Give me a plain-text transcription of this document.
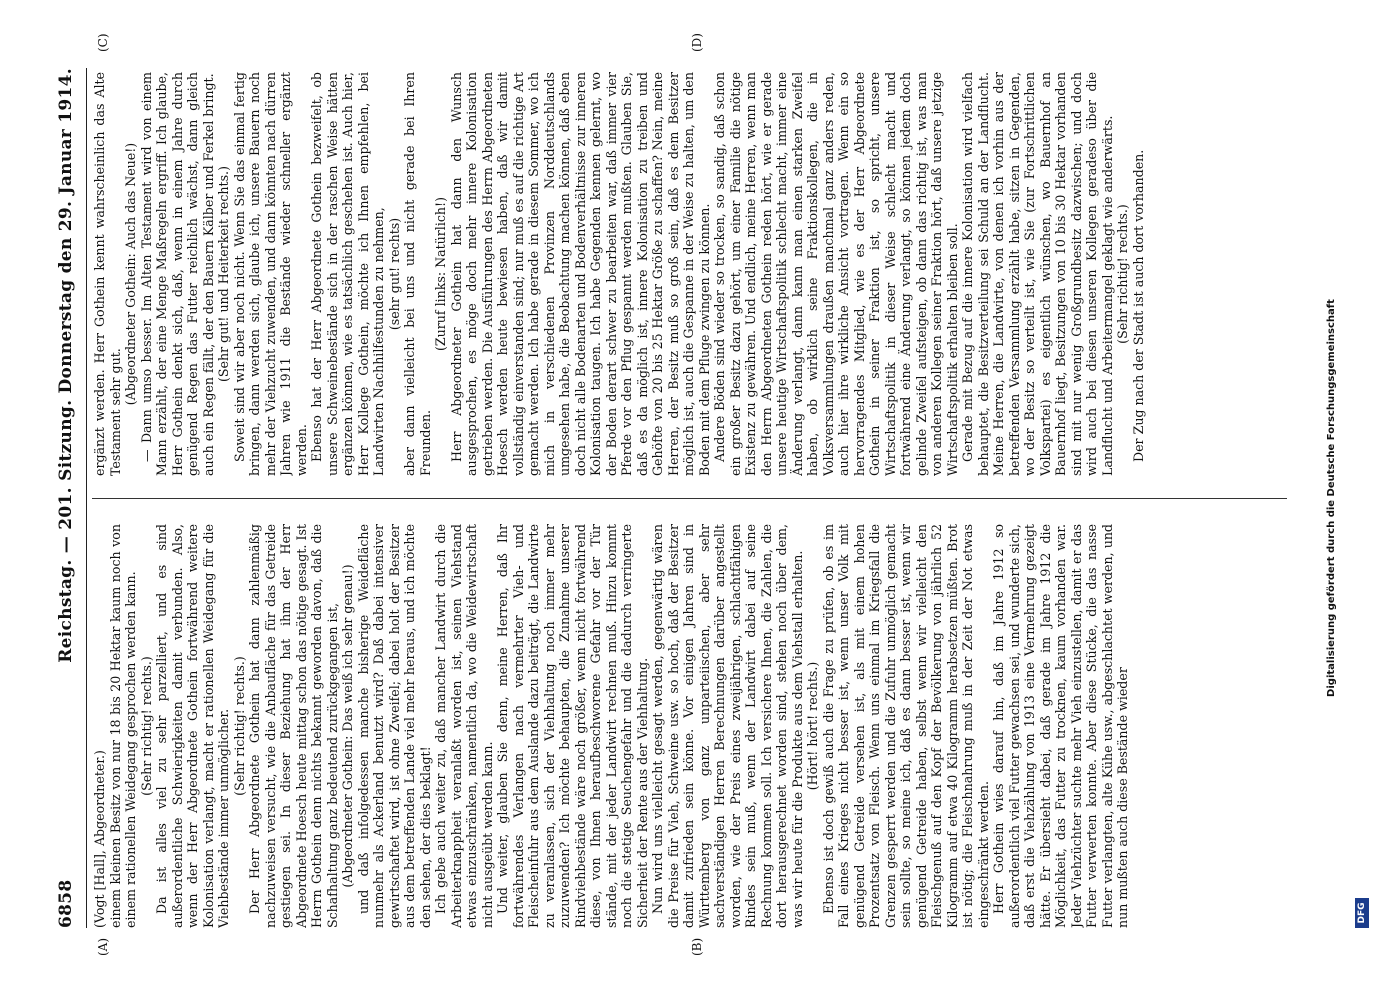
6858
Reichstag. — 201. Sitzung. Donnerstag den 29. Januar 1914.
(A)	(B)
(C)	(D)

(Vogt [Hall], Abgeordneter.) einem kleinen Besitz von nur 18 bis 20 Hektar kaum noch von einem rationellen Weidegang gesprochen werden kann. (Sehr richtig! rechts.) Da ist alles viel zu sehr parzelliert, und es sind außerordentliche Schwierigkeiten damit verbunden. Also, wenn der Herr Abgeordnete Gothein fortwährend weitere Kolonisation verlangt, macht er rationellen Weidegang für die Viehbestände immer unmöglicher. (Sehr richtig! rechts.) Der Herr Abgeordnete Gothein hat dann zahlenmäßig nachzuweisen versucht, wie die Anbaufläche für das Getreide gestiegen sei. In dieser Beziehung hat ihm der Herr Abgeordnete Hoesch heute mittag schon das nötige gesagt. Ist Herrn Gothein denn nichts bekannt geworden davon, daß die Schafhaltung ganz bedeutend zurückgegangen ist, (Abgeordneter Gothein: Das weiß ich sehr genau!) und daß infolgedessen manche bisherige Weidefläche nunmehr als Ackerland benutzt wird? Daß dabei intensiver gewirtschaftet wird, ist ohne Zweifel; dabei holt der Besitzer aus dem betreffenden Lande viel mehr heraus, und ich möchte den sehen, der dies beklagt! Ich gebe auch weiter zu, daß mancher Landwirt durch die Arbeiterknappheit veranlaßt worden ist, seinen Viehstand etwas einzuschränken, namentlich da, wo die Weidewirtschaft nicht ausgeübt werden kann. Und weiter, glauben Sie denn, meine Herren, daß Ihr fortwährendes Verlangen nach vermehrter Vieh- und Fleischeinfuhr aus dem Auslande dazu beiträgt, die Landwirte zu veranlassen, sich der Viehhaltung noch immer mehr zuzuwenden? Ich möchte behaupten, die Zunahme unserer Rindviehbestände wäre noch größer, wenn nicht fortwährend diese, von Ihnen heraufbeschworene Gefahr vor der Tür stände, mit der jeder Landwirt rechnen muß. Hinzu kommt noch die stetige Seuchengefahr und die dadurch verringerte Sicherheit der Rente aus der Viehhaltung. Nun wird uns vielleicht gesagt werden, gegenwärtig wären die Preise für Vieh, Schweine usw. so hoch, daß der Besitzer damit zufrieden sein könne. Vor einigen Jahren sind in Württemberg von ganz unparteiischen, aber sehr sachverständigen Herren Berechnungen darüber angestellt worden, wie der Preis eines zweijährigen, schlachtfähigen Rindes sein muß, wenn der Landwirt dabei auf seine Rechnung kommen soll. Ich versichere Ihnen, die Zahlen, die dort herausgerechnet worden sind, stehen noch über dem, was wir heute für die Produkte aus dem Viehstall erhalten. (Hört! hört! rechts.) Ebenso ist doch gewiß auch die Frage zu prüfen, ob es im Fall eines Krieges nicht besser ist, wenn unser Volk mit genügend Getreide versehen ist, als mit einem hohen Prozentsatz von Fleisch. Wenn uns einmal im Kriegsfall die Grenzen gesperrt werden und die Zufuhr unmöglich gemacht sein sollte, so meine ich, daß es dann besser ist, wenn wir genügend Getreide haben, selbst wenn wir vielleicht den Fleischgenuß auf den Kopf der Bevölkerung von jährlich 52 Kilogramm auf etwa 40 Kilogramm herabsetzen müßten. Brot ist nötig; die Fleischnahrung muß in der Zeit der Not etwas eingeschränkt werden. Herr Gothein wies darauf hin, daß im Jahre 1912 so außerordentlich viel Futter gewachsen sei, und wunderte sich, daß erst die Viehzählung von 1913 eine Vermehrung gezeigt hätte. Er übersieht dabei, daß gerade im Jahre 1912 die Möglichkeit, das Futter zu trocknen, kaum vorhanden war. Jeder Viehzüchter suchte mehr Vieh einzustellen, damit er das Futter verwerten konnte. Aber diese Stücke, die das nasse Futter verlangten, alte Kühe usw., abgeschlachtet werden, und nun mußten auch diese Bestände wieder

ergänzt werden. Herr Gothein kennt wahrscheinlich das Alte Testament sehr gut.

(Abgeordneter Gothein: Auch das Neue!) — Dann umso besser. Im Alten Testament wird von einem Mann erzählt, der eine Menge Maßregeln ergriff. Ich glaube, Herr Gothein denkt sich, daß, wenn in einem Jahre durch genügend Regen das Futter reichlich wächst, dann gleich auch ein Regen fällt, der den Bauern Kälber und Ferkel bringt. (Sehr gut! und Heiterkeit rechts.) Soweit sind wir aber noch nicht. Wenn Sie das einmal fertig bringen, dann werden sich, glaube ich, unsere Bauern noch mehr der Viehzucht zuwenden, und dann könnten nach dürren Jahren wie 1911 die Bestände wieder schneller ergänzt werden. Ebenso hat der Herr Abgeordnete Gothein bezweifelt, ob unsere Schweinebestände sich in der raschen Weise hätten ergänzen können, wie es tatsächlich geschehen ist. Auch hier, Herr Kollege Gothein, möchte ich Ihnen empfehlen, bei Landwirten Nachhilfestunden zu nehmen, (sehr gut! rechts) aber dann vielleicht bei uns und nicht gerade bei Ihren Freunden.

(Zuruf links: Natürlich!) Herr Abgeordneter Gothein hat dann den Wunsch ausgesprochen, es möge doch mehr innere Kolonisation getrieben werden. Die Ausführungen des Herrn Abgeordneten Hoesch werden heute bewiesen haben, daß wir damit vollständig einverstanden sind; nur muß es auf die richtige Art gemacht werden. Ich habe gerade in diesem Sommer, wo ich mich in verschiedenen Provinzen Norddeutschlands umgesehen habe, die Beobachtung machen können, daß eben doch nicht alle Bodenarten und Bodenverhältnisse zur inneren Kolonisation taugen. Ich habe Gegenden kennen gelernt, wo der Boden derart schwer zu bearbeiten war, daß immer vier Pferde vor den Pflug gespannt werden mußten. Glauben Sie, daß es da möglich ist, innere Kolonisation zu treiben und Gehöfte von 20 bis 25 Hektar Größe zu schaffen? Nein, meine Herren, der Besitz muß so groß sein, daß es dem Besitzer möglich ist, auch die Gespanne in der Weise zu halten, um den Boden mit dem Pfluge zwingen zu können. Andere Böden sind wieder so trocken, so sandig, daß schon ein großer Besitz dazu gehört, um einer Familie die nötige Existenz zu gewähren. Und endlich, meine Herren, wenn man den Herrn Abgeordneten Gothein reden hört, wie er gerade unsere heutige Wirtschaftspolitik schlecht macht, immer eine Änderung verlangt, dann kann man einen starken Zweifel haben, ob wirklich seine Fraktionskollegen, die in Volksversammlungen draußen manchmal ganz anders reden, auch hier ihre wirkliche Ansicht vortragen. Wenn ein so hervorragendes Mitglied, wie es der Herr Abgeordnete Gothein in seiner Fraktion ist, so spricht, unsere Wirtschaftspolitik in dieser Weise schlecht macht und fortwährend eine Änderung verlangt, so können jedem doch gelinde Zweifel aufsteigen, ob dann das richtig ist, was man von anderen Kollegen seiner Fraktion hört, daß unsere jetzige Wirtschaftspolitik erhalten bleiben soll. Gerade mit Bezug auf die innere Kolonisation wird vielfach behauptet, die Besitzverteilung sei Schuld an der Landflucht. Meine Herren, die Landwirte, von denen ich vorhin aus der betreffenden Versammlung erzählt habe, sitzen in Gegenden, wo der Besitz so verteilt ist, wie Sie (zur Fortschrittlichen Volkspartei) es eigentlich wünschen, wo Bauernhof an Bauernhof liegt, Besitzungen von 10 bis 30 Hektar vorhanden sind mit nur wenig Großgrundbesitz dazwischen; und doch wird auch bei diesen unseren Kollegen geradeso über die Landflucht und Arbeitermangel geklagt wie anderwärts. (Sehr richtig! rechts.) Der Zug nach der Stadt ist auch dort vorhanden.	Digitalisierung gefördert durch die Deutsche Forschungsgemeinschaft
DFG
